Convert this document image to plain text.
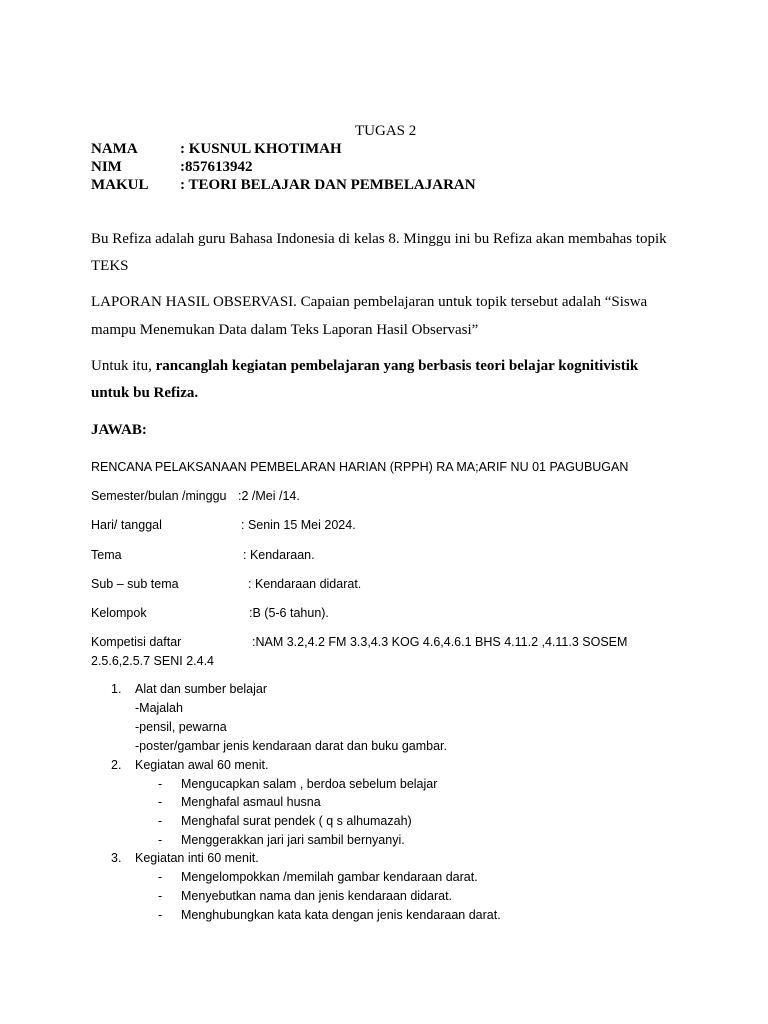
TUGAS 2
NAMA	: KUSNUL KHOTIMAH
NIM	:857613942
MAKUL : TEORI BELAJAR DAN PEMBELAJARAN
Bu Refiza adalah guru Bahasa Indonesia di kelas 8. Minggu ini bu Refiza akan membahas topik
TEKS
LAPORAN HASIL OBSERVASI. Capaian pembelajaran untuk topik tersebut adalah “Siswa
mampu Menemukan Data dalam Teks Laporan Hasil Observasi”
Untuk itu, rancanglah kegiatan pembelajaran yang berbasis teori belajar kognitivistik
untuk bu Refiza.
JAWAB:
RENCANA PELAKSANAAN PEMBELARAN HARIAN (RPPH) RA MA;ARIF NU 01 PAGUBUGAN
Semester/bulan /minggu :2 /Mei /14.
Hari/ tanggal	: Senin 15 Mei 2024.
Tema	: Kendaraan.
Sub – sub tema	: Kendaraan didarat.
Kelompok	:B (5-6 tahun).
Kompetisi daftar	:NAM 3.2,4.2 FM 3.3,4.3 KOG 4.6,4.6.1 BHS 4.11.2 ,4.11.3 SOSEM
2.5.6,2.5.7 SENI 2.4.4
1. Alat dan sumber belajar
-Majalah
-pensil, pewarna
-poster/gambar jenis kendaraan darat dan buku gambar.
2. Kegiatan awal 60 menit.
- Mengucapkan salam , berdoa sebelum belajar
- Menghafal asmaul husna
- Menghafal surat pendek ( q s alhumazah)
- Menggerakkan jari jari sambil bernyanyi.
3. Kegiatan inti 60 menit.
- Mengelompokkan /memilah gambar kendaraan darat.
- Menyebutkan nama dan jenis kendaraan didarat.
- Menghubungkan kata kata dengan jenis kendaraan darat.
